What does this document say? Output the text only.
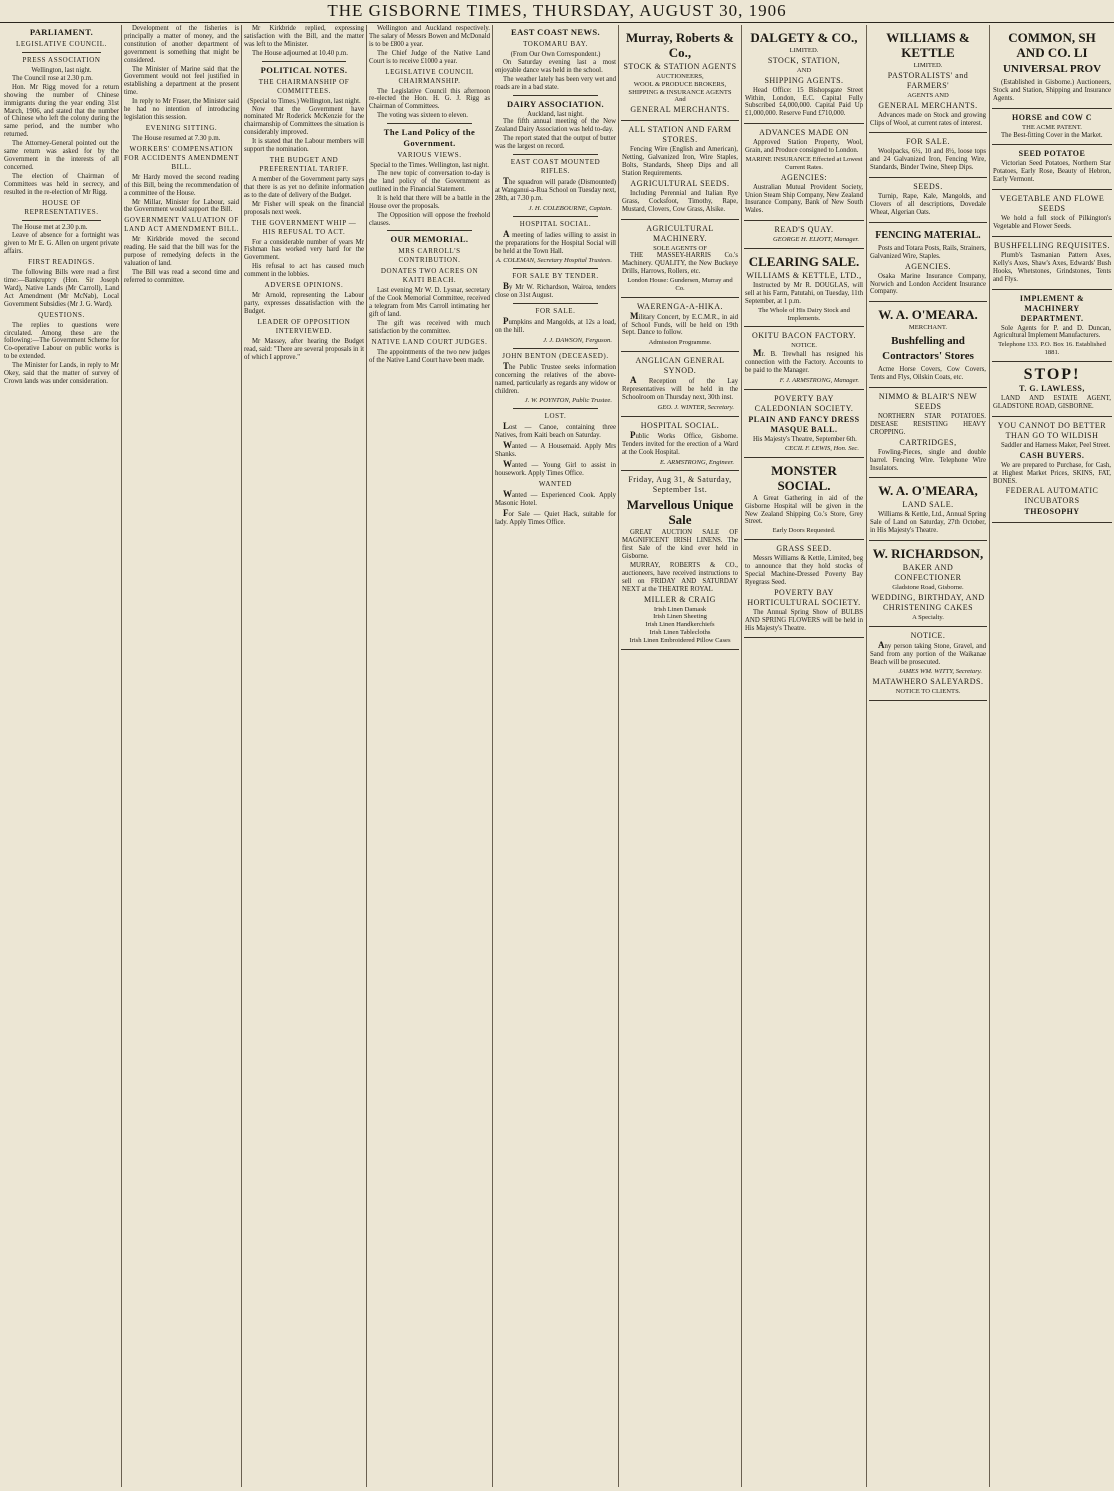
THE GISBORNE TIMES, THURSDAY, AUGUST 30, 1906
PARLIAMENT.
LEGISLATIVE COUNCIL.
PRESS ASSOCIATION
Wellington, last night.

The Council rose at 2.30 p.m.

Hon. Mr Rigg moved for a return showing the number of Chinese immigrants during the year ending 31st March, 1906, and stated that the number of Chinese who left the colony during the same period, and the number who returned.

The Attorney-General pointed out the same return was asked for by the Government in the interests of all concerned.

The election of Chairman of Committees was held in secrecy, and resulted in the re-election of Mr Rigg.

HOUSE OF REPRESENTATIVES.

The House met at 2.30 p.m.

Leave of absence for a fortnight was given to Mr E. G. Allen on urgent private affairs.

FIRST READINGS.

The following Bills were read a first time:—Bankruptcy (Hon. Sir Joseph Ward), Native Lands (Mr Carroll), Land Act Amendment (Mr McNab), Local Government Subsidies (Mr J. G. Ward).

QUESTIONS.

The replies to questions were circulated. Among these are the following:—The Government Scheme for Co-operative Labour on public works is to be extended.

The Minister for Lands, in reply to Mr Okey, said that the matter of survey of Crown lands was under consideration.

Development of the fisheries is principally a matter of money, and the constitution of another department of government is something that might be considered.

The Minister of Marine said that the Government would not feel justified in establishing a department at the present time.

In reply to Mr Fraser, the Minister said he had no intention of introducing legislation this session.

EVENING SITTING.

The House resumed at 7.30 p.m.

WORKERS' COMPENSATION FOR ACCIDENTS AMENDMENT BILL.

Mr Hardy moved the second reading of this Bill, being the recommendation of a committee of the House.

Mr Millar, Minister for Labour, said the Government would support the Bill.

GOVERNMENT VALUATION OF LAND ACT AMENDMENT BILL.

Mr Kirkbride moved the second reading. He said that the bill was for the purpose of remedying defects in the valuation of land.

The Bill was read a second time and referred to committee.

Mr Kirkbride replied, expressing satisfaction with the Bill, and the matter was left to the Minister.

The House adjourned at 10.40 p.m.

POLITICAL NOTES.
THE CHAIRMANSHIP OF COMMITTEES.
(Special to Times.) Wellington, last night.

Now that the Government have nominated Mr Roderick McKenzie for the chairmanship of Committees the situation is considerably improved.

It is stated that the Labour members will support the nomination.

THE BUDGET AND PREFERENTIAL TARIFF.

A member of the Government party says that there is as yet no definite information as to the date of delivery of the Budget.

Mr Fisher will speak on the financial proposals next week.

THE GOVERNMENT WHIP — HIS REFUSAL TO ACT.

For a considerable number of years Mr Fishman has worked very hard for the Government.

His refusal to act has caused much comment in the lobbies.

ADVERSE OPINIONS.

Mr Arnold, representing the Labour party, expresses dissatisfaction with the Budget.

LEADER OF OPPOSITION INTERVIEWED.

Mr Massey, after hearing the Budget read, said: "There are several proposals in it of which I approve."

Wellington and Auckland respectively. The salary of Messrs Bowen and McDonald is to be £800 a year.

The Chief Judge of the Native Land Court is to receive £1000 a year.

LEGISLATIVE COUNCIL CHAIRMANSHIP.

The Legislative Council this afternoon re-elected the Hon. H. G. J. Rigg as Chairman of Committees.

The voting was sixteen to eleven.

The Land Policy of the Government.
VARIOUS VIEWS.
Special to the Times. Wellington, last night.

The new topic of conversation to-day is the land policy of the Government as outlined in the Financial Statement.

It is held that there will be a battle in the House over the proposals.

The Opposition will oppose the freehold clauses.

OUR MEMORIAL.
MRS CARROLL'S CONTRIBUTION.
DONATES TWO ACRES ON KAITI BEACH.

Last evening Mr W. D. Lysnar, secretary of the Cook Memorial Committee, received a telegram from Mrs Carroll intimating her gift of land.

The gift was received with much satisfaction by the committee.

NATIVE LAND COURT JUDGES.

The appointments of the two new judges of the Native Land Court have been made.

EAST COAST NEWS.
TOKOMARU BAY.
(From Our Own Correspondent.)

On Saturday evening last a most enjoyable dance was held in the school.

The weather lately has been very wet and roads are in a bad state.

DAIRY ASSOCIATION.
Auckland, last night.

The fifth annual meeting of the New Zealand Dairy Association was held to-day.

The report stated that the output of butter was the largest on record.

EAST COAST MOUNTED RIFLES.

The squadron will parade (Dismounted) at Wanganui-a-Rua School on Tuesday next, 28th, at 7.30 p.m.

J. H. COLEBOURNE, Captain.
HOSPITAL SOCIAL.

A meeting of ladies willing to assist in the preparations for the Hospital Social will be held at the Town Hall.

A. COLEMAN, Secretary Hospital Trustees.
FOR SALE BY TENDER.

By Mr W. Richardson, Wairoa, tenders close on 31st August.

FOR SALE.

Pumpkins and Mangolds, at 12s a load, on the hill.

J. J. DAWSON, Ferguson.
JOHN BENTON (DECEASED).

The Public Trustee seeks information concerning the relatives of the above-named, particularly as regards any widow or children.

J. W. POYNTON, Public Trustee.
LOST.

Lost — Canoe, containing three Natives, from Kaiti beach on Saturday.

Wanted — A Housemaid. Apply Mrs Shanks.

Wanted — Young Girl to assist in housework. Apply Times Office.

WANTED

Wanted — Experienced Cook. Apply Masonic Hotel.

For Sale — Quiet Hack, suitable for lady. Apply Times Office.

Murray, Roberts & Co.,
STOCK & STATION AGENTS
AUCTIONEERS,
WOOL & PRODUCE BROKERS,
SHIPPING & INSURANCE AGENTS
And
GENERAL MERCHANTS.
ALL STATION AND FARM STORES.

Fencing Wire (English and American), Netting, Galvanized Iron, Wire Staples, Bolts, Standards, Sheep Dips and all Station Requirements.

AGRICULTURAL SEEDS.

Including Perennial and Italian Rye Grass, Cocksfoot, Timothy, Rape, Mustard, Clovers, Cow Grass, Alsike.

AGRICULTURAL MACHINERY.
SOLE AGENTS OF

THE MASSEY-HARRIS Co.'s Machinery. QUALITY, the New Buckeye Drills, Harrows, Rollers, etc.

London House: Gundersen, Murray and Co.
WAERENGA-A-HIKA.

Military Concert, by E.C.M.R., in aid of School Funds, will be held on 19th Sept. Dance to follow.

Admission Programme.
ANGLICAN GENERAL SYNOD.

A Reception of the Lay Representatives will be held in the Schoolroom on Thursday next, 30th inst.

GEO. J. WINTER, Secretary.
HOSPITAL SOCIAL.

Public Works Office, Gisborne. Tenders invited for the erection of a Ward at the Cook Hospital.

E. ARMSTRONG, Engineer.
Friday, Aug 31, & Saturday, September 1st.
Marvellous Unique Sale

GREAT AUCTION SALE OF MAGNIFICENT IRISH LINENS. The first Sale of the kind ever held in Gisborne.

MURRAY, ROBERTS & CO., auctioneers, have received instructions to sell on FRIDAY AND SATURDAY NEXT at the THEATRE ROYAL

MILLER & CRAIG
Irish Linen Damask
Irish Linen Sheeting
Irish Linen Handkerchiefs
Irish Linen Tablecloths
Irish Linen Embroidered Pillow Cases
DALGETY & CO.,
LIMITED.
STOCK, STATION,
AND
SHIPPING AGENTS.

Head Office: 15 Bishopsgate Street Within, London, E.C. Capital Fully Subscribed £4,000,000. Capital Paid Up £1,000,000. Reserve Fund £710,000.

ADVANCES MADE ON

Approved Station Property, Wool, Grain, and Produce consigned to London.

MARINE INSURANCE Effected at Lowest Current Rates.
AGENCIES:

Australian Mutual Provident Society, Union Steam Ship Company, New Zealand Insurance Company, Bank of New South Wales.

READ'S QUAY.
GEORGE H. ELIOTT, Manager.
CLEARING SALE.
WILLIAMS & KETTLE, LTD.,

Instructed by Mr R. DOUGLAS, will sell at his Farm, Patutahi, on Tuesday, 11th September, at 1 p.m.

The Whole of His Dairy Stock and Implements.
OKITU BACON FACTORY.
NOTICE.

Mr. B. Trewhall has resigned his connection with the Factory. Accounts to be paid to the Manager.

F. J. ARMSTRONG, Manager.
POVERTY BAY CALEDONIAN SOCIETY.
PLAIN AND FANCY DRESS MASQUE BALL.

His Majesty's Theatre, September 6th.

CECIL F. LEWIS, Hon. Sec.
MONSTER SOCIAL.

A Great Gathering in aid of the Gisborne Hospital will be given in the New Zealand Shipping Co.'s Store, Grey Street.

Early Doors Requested.
GRASS SEED.

Messrs Williams & Kettle, Limited, beg to announce that they hold stocks of Special Machine-Dressed Poverty Bay Ryegrass Seed.

POVERTY BAY HORTICULTURAL SOCIETY.

The Annual Spring Show of BULBS AND SPRING FLOWERS will be held in His Majesty's Theatre.

WILLIAMS & KETTLE
LIMITED.
PASTORALISTS' and FARMERS'
AGENTS AND
GENERAL MERCHANTS.

Advances made on Stock and growing Clips of Wool, at current rates of interest.

FOR SALE.

Woolpacks, 6½, 10 and 8½, loose tops and 24 Galvanized Iron, Fencing Wire, Standards, Binder Twine, Sheep Dips.

SEEDS.

Turnip, Rape, Kale, Mangolds, and Clovers of all descriptions, Dovedale Wheat, Algerian Oats.

FENCING MATERIAL.

Posts and Totara Posts, Rails, Strainers, Galvanized Wire, Staples.

AGENCIES.

Osaka Marine Insurance Company, Norwich and London Accident Insurance Company.

W. A. O'MEARA.
MERCHANT.
Bushfelling and Contractors' Stores

Acme Horse Covers, Cow Covers, Tents and Flys, Oilskin Coats, etc.

NIMMO & BLAIR'S NEW SEEDS

NORTHERN STAR POTATOES. DISEASE RESISTING HEAVY CROPPING.

CARTRIDGES,

Fowling-Pieces, single and double barrel. Fencing Wire. Telephone Wire Insulators.

W. A. O'MEARA,
LAND SALE.

Williams & Kettle, Ltd., Annual Spring Sale of Land on Saturday, 27th October, in His Majesty's Theatre.

W. RICHARDSON,
BAKER AND CONFECTIONER
Gladstone Road, Gisborne.
WEDDING, BIRTHDAY, AND CHRISTENING CAKES
A Specialty.
NOTICE.

Any person taking Stone, Gravel, and Sand from any portion of the Waikanae Beach will be prosecuted.

JAMES WM. WITTY, Secretary.
MATAWHERO SALEYARDS.
NOTICE TO CLIENTS.
COMMON, SH AND CO. LI
UNIVERSAL PROV

(Established in Gisborne.) Auctioneers, Stock and Station, Shipping and Insurance Agents.

HORSE and COW C
THE ACME PATENT.

The Best-fitting Cover in the Market.

SEED POTATOE

Victorian Seed Potatoes, Northern Star Potatoes, Early Rose, Beauty of Hebron, Early Vermont.

VEGETABLE AND FLOWE SEEDS

We hold a full stock of Pilkington's Vegetable and Flower Seeds.

BUSHFELLING REQUISITES.

Plumb's Tasmanian Pattern Axes, Kelly's Axes, Shaw's Axes, Edwards' Bush Hooks, Whetstones, Grindstones, Tents and Flys.

IMPLEMENT & MACHINERY DEPARTMENT.

Sole Agents for P. and D. Duncan, Agricultural Implement Manufacturers.

Telephone 133. P.O. Box 16. Established 1881.
STOP!
T. G. LAWLESS,

LAND AND ESTATE AGENT, GLADSTONE ROAD, GISBORNE.

YOU CANNOT DO BETTER THAN GO TO WILDISH

Saddler and Harness Maker, Peel Street.

CASH BUYERS.

We are prepared to Purchase, for Cash, at Highest Market Prices, SKINS, FAT, BONES.

FEDERAL AUTOMATIC INCUBATORS
THEOSOPHY
